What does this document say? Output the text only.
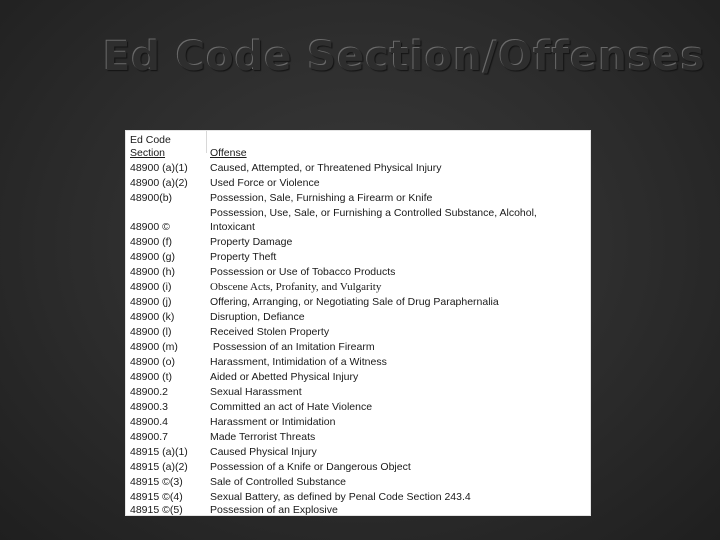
Ed Code Section/Offenses
Ed Code
Section	Offense
48900 (a)(1) Caused, Attempted, or Threatened Physical Injury
48900 (a)(2) Used Force or Violence
48900(b)	Possession, Sale, Furnishing a Firearm or Knife
Possession, Use, Sale, or Furnishing a Controlled Substance, Alcohol,
48900 ©	Intoxicant
48900 (f)	Property Damage
48900 (g)	Property Theft
48900 (h)	Possession or Use of Tobacco Products
48900 (i)	Obscene Acts, Profanity, and Vulgarity
48900 (j)	Offering, Arranging, or Negotiating Sale of Drug Paraphernalia
48900 (k)	Disruption, Defiance
48900 (l)	Received Stolen Property
48900 (m)	Possession of an Imitation Firearm
48900 (o)	Harassment, Intimidation of a Witness
48900 (t)	Aided or Abetted Physical Injury
48900.2	Sexual Harassment
48900.3	Committed an act of Hate Violence
48900.4	Harassment or Intimidation
48900.7	Made Terrorist Threats
48915 (a)(1) Caused Physical Injury
48915 (a)(2) Possession of a Knife or Dangerous Object
48915 ©(3)	Sale of Controlled Substance
48915 ©(4)	Sexual Battery, as defined by Penal Code Section 243.4
48915 ©(5)	Possession of an Explosive
